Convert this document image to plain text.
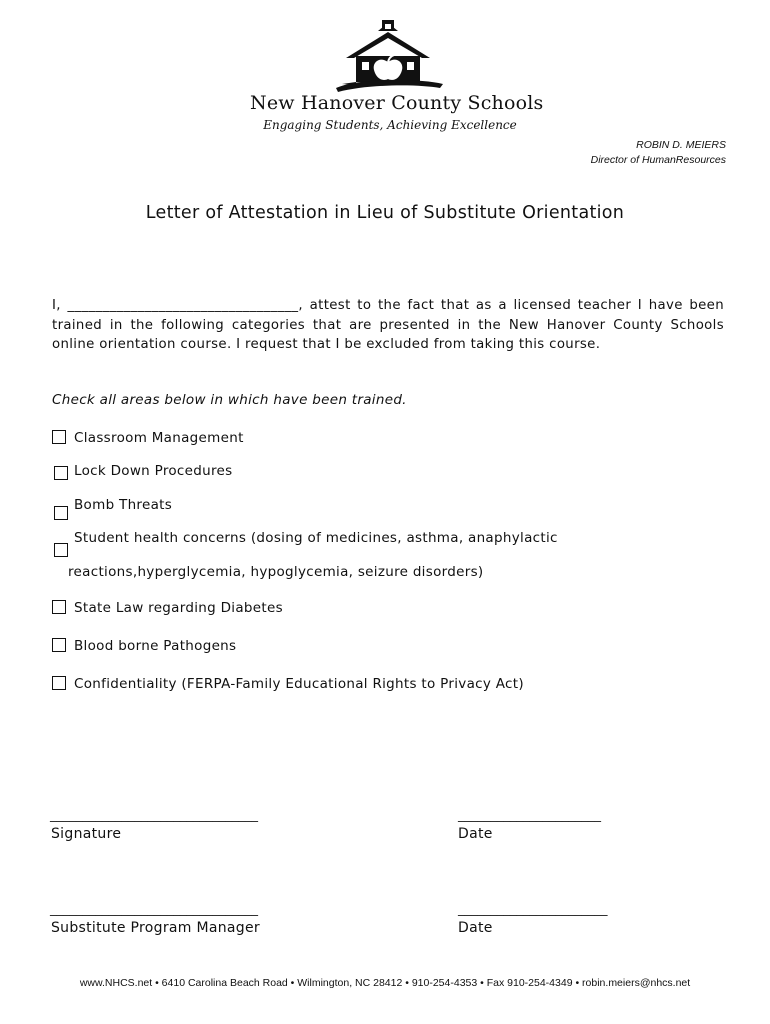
New Hanover County Schools
Engaging Students, Achieving Excellence
ROBIN D. MEIERS
Director of HumanResources
Letter of Attestation in Lieu of Substitute Orientation
I, _________________________________, attest to the fact that as a licensed teacher I have been trained in the following categories that are presented in the New Hanover County Schools online orientation course. I request that I be excluded from taking this course.
Check all areas below in which have been trained.
Classroom Management
Lock Down Procedures
Bomb Threats
Student health concerns (dosing of medicines, asthma, anaphylactic
reactions,hyperglycemia, hypoglycemia, seizure disorders)
State Law regarding Diabetes
Blood borne Pathogens
Confidentiality (FERPA-Family Educational Rights to Privacy Act)
________________________________	______________________
Signature	Date
________________________________	_______________________
Substitute Program Manager	Date
www.NHCS.net • 6410 Carolina Beach Road • Wilmington, NC 28412 • 910-254-4353 • Fax 910-254-4349 • robin.meiers@nhcs.net
